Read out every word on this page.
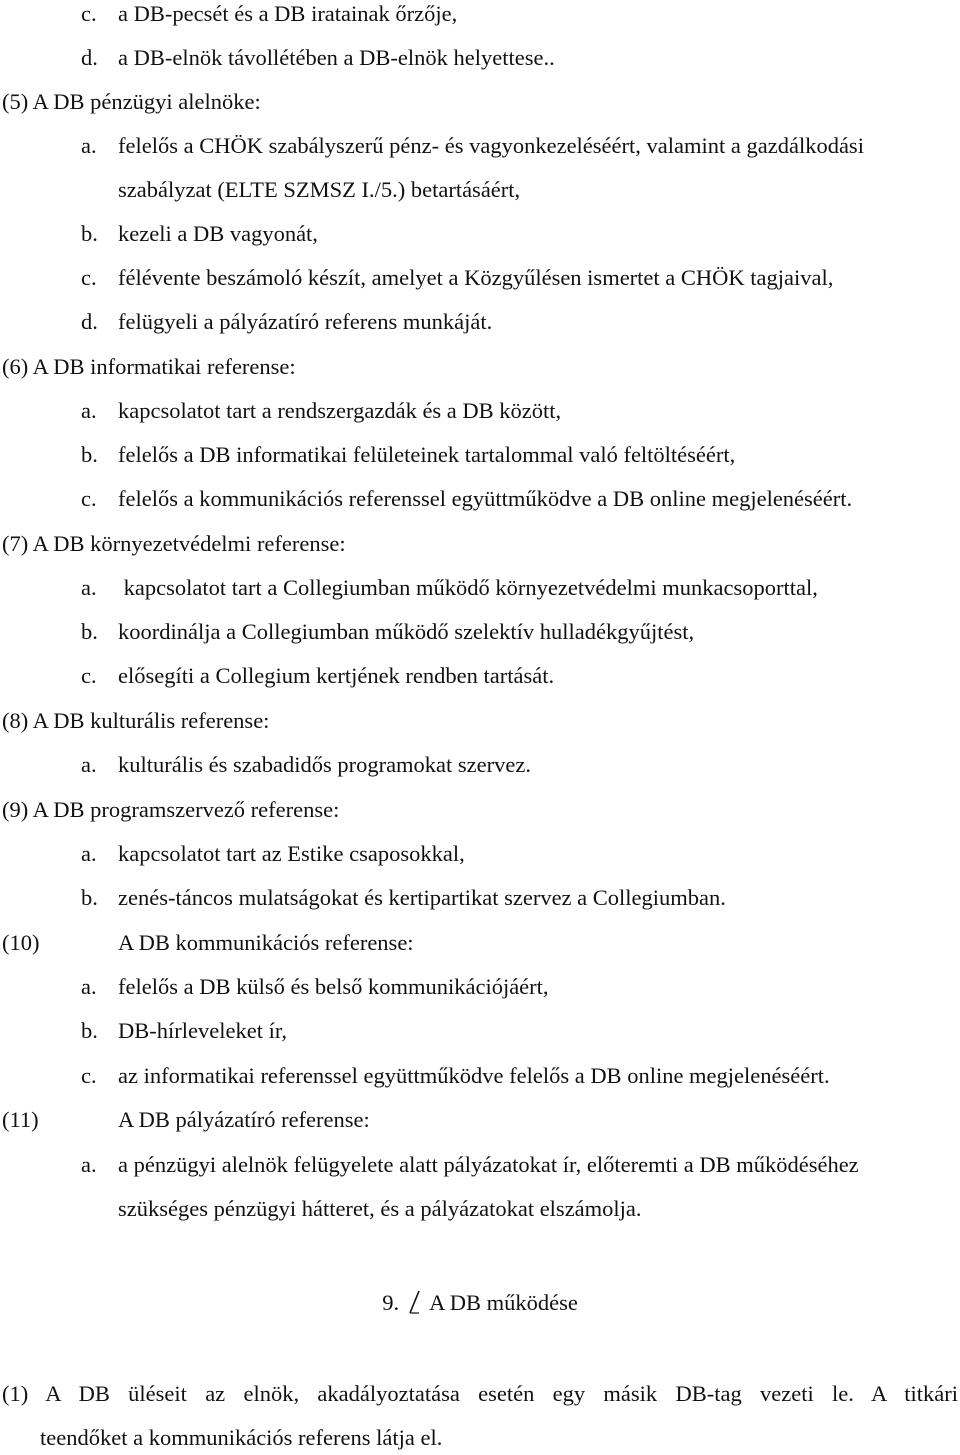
c. a DB-pecsét és a DB iratainak őrzője,
d. a DB-elnök távollétében a DB-elnök helyettese..
(5) A DB pénzügyi alelnöke:
a. felelős a CHÖK szabályszerű pénz- és vagyonkezeléséért, valamint a gazdálkodási
szabályzat (ELTE SZMSZ I./5.) betartásáért,
b. kezeli a DB vagyonát,
c. félévente beszámoló készít, amelyet a Közgyűlésen ismertet a CHÖK tagjaival,
d. felügyeli a pályázatíró referens munkáját.
(6) A DB informatikai referense:
a. kapcsolatot tart a rendszergazdák és a DB között,
b. felelős a DB informatikai felületeinek tartalommal való feltöltéséért,
c. felelős a kommunikációs referenssel együttműködve a DB online megjelenéséért.
(7) A DB környezetvédelmi referense:
a. kapcsolatot tart a Collegiumban működő környezetvédelmi munkacsoporttal,
b. koordinálja a Collegiumban működő szelektív hulladékgyűjtést,
c. elősegíti a Collegium kertjének rendben tartását.
(8) A DB kulturális referense:
a. kulturális és szabadidős programokat szervez.
(9) A DB programszervező referense:
a. kapcsolatot tart az Estike csaposokkal,
b. zenés-táncos mulatságokat és kertipartikat szervez a Collegiumban.
(10)	A DB kommunikációs referense:
a. felelős a DB külső és belső kommunikációjáért,
b. DB-hírleveleket ír,
c. az informatikai referenssel együttműködve felelős a DB online megjelenéséért.
(11)	A DB pályázatíró referense:
a. a pénzügyi alelnök felügyelete alatt pályázatokat ír, előteremti a DB működéséhez
szükséges pénzügyi hátteret, és a pályázatokat elszámolja.
9. A DB működése
(1) A DB üléseit az elnök, akadályoztatása esetén egy másik DB-tag vezeti le. A titkári
teendőket a kommunikációs referens látja el.
